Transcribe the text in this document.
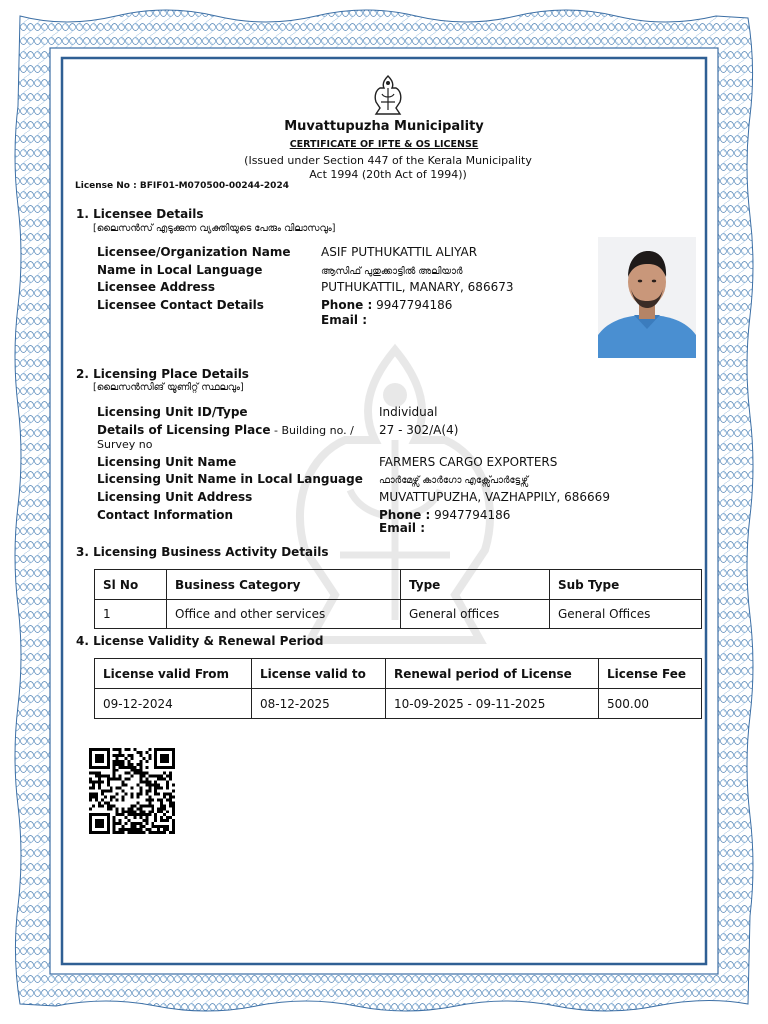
Muvattupuzha Municipality
CERTIFICATE OF IFTE & OS LICENSE
(Issued under Section 447 of the Kerala Municipality
Act 1994 (20th Act of 1994))
License No : BFIF01-M070500-00244-2024
1. Licensee Details
[ലൈസൻസ് എടുക്കുന്ന വ്യക്തിയുടെ പേരും വിലാസവും]
Licensee/Organization Name	ASIF PUTHUKATTIL ALIYAR
Name in Local Language	ആസിഫ് പുതുക്കാട്ടിൽ അലിയാർ
Licensee Address	PUTHUKATTIL, MANARY, 686673
Licensee Contact Details	Phone : 9947794186
Email :
2. Licensing Place Details
[ലൈസൻസിങ് യൂണിറ്റ് സ്ഥലവും]
Licensing Unit ID/Type	Individual
Details of Licensing Place - Building no. /
Survey no
27 - 302/A(4)
Licensing Unit Name	FARMERS CARGO EXPORTERS
Licensing Unit Name in Local Language ഫാർമേഴ്സ് കാർഗോ എക്സ്പോർട്ടേഴ്സ്
Licensing Unit Address	MUVATTUPUZHA, VAZHAPPILY, 686669
Contact Information	Phone : 9947794186
Email :
3. Licensing Business Activity Details
Sl No	Business Category	Type	Sub Type
1	Office and other services	General offices	General Offices
4. License Validity & Renewal Period
License valid From	License valid to	Renewal period of License	License Fee
09-12-2024	08-12-2025	10-09-2025 - 09-11-2025	500.00
